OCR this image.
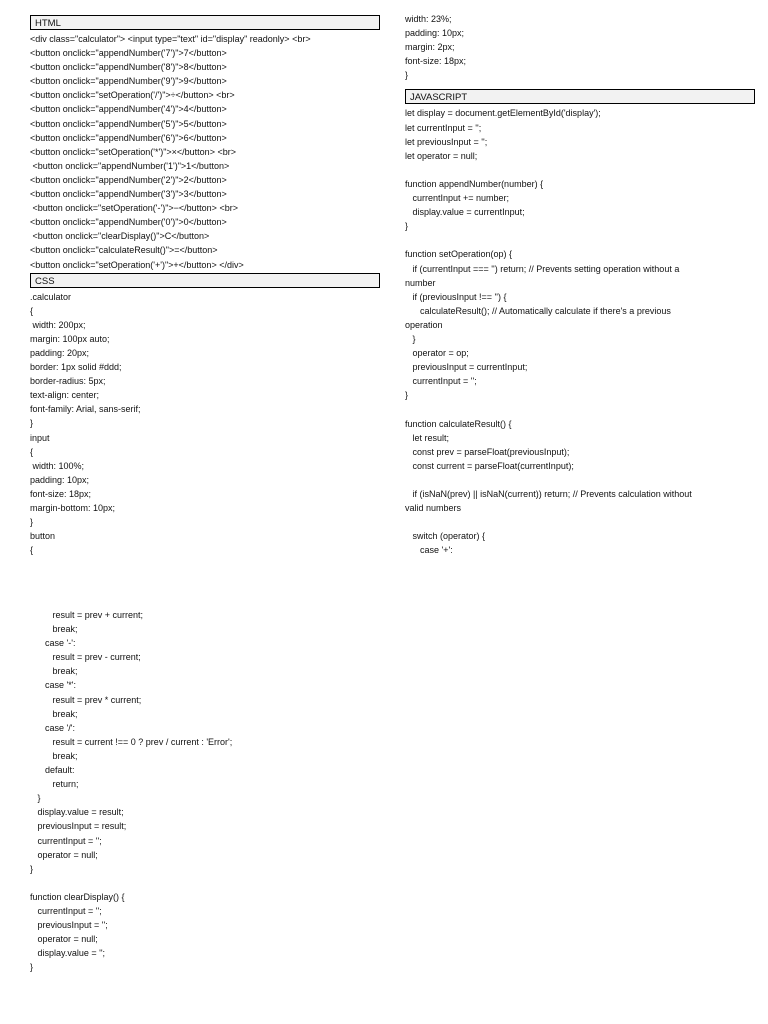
HTML
<div class="calculator"> <input type="text" id="display" readonly> <br>
<button onclick="appendNumber('7')">7</button>
<button onclick="appendNumber('8')">8</button>
<button onclick="appendNumber('9')">9</button>
<button onclick="setOperation('/')">÷</button> <br>
<button onclick="appendNumber('4')">4</button>
<button onclick="appendNumber('5')">5</button>
<button onclick="appendNumber('6')">6</button>
<button onclick="setOperation('*')">×</button> <br>
<button onclick="appendNumber('1')">1</button>
<button onclick="appendNumber('2')">2</button>
<button onclick="appendNumber('3')">3</button>
<button onclick="setOperation('-')">−</button> <br>
<button onclick="appendNumber('0')">0</button>
<button onclick="clearDisplay()">C</button>
<button onclick="calculateResult()">=</button>
<button onclick="setOperation('+')">+</button> </div>
CSS
.calculator
{
width: 200px;
margin: 100px auto;
padding: 20px;
border: 1px solid #ddd;
border-radius: 5px;
text-align: center;
font-family: Arial, sans-serif;
}
input
{
width: 100%;
padding: 10px;
font-size: 18px;
margin-bottom: 10px;
}
button
{
width: 23%;
padding: 10px;
margin: 2px;
font-size: 18px;
}
JAVASCRIPT
let display = document.getElementById('display');
let currentInput = '';
let previousInput = '';
let operator = null;
function appendNumber(number) {
currentInput += number;
display.value = currentInput;
}
function setOperation(op) {
if (currentInput === '') return; // Prevents setting operation without a
number
if (previousInput !== '') {
calculateResult(); // Automatically calculate if there's a previous
operation
}
operator = op;
previousInput = currentInput;
currentInput = '';
}
function calculateResult() {
let result;
const prev = parseFloat(previousInput);
const current = parseFloat(currentInput);
if (isNaN(prev) || isNaN(current)) return; // Prevents calculation without
valid numbers
switch (operator) {
case '+':
result = prev + current;
break;
case '-':
result = prev - current;
break;
case '*':
result = prev * current;
break;
case '/':
result = current !== 0 ? prev / current : 'Error';
break;
default:
return;
}
display.value = result;
previousInput = result;
currentInput = '';
operator = null;
}
function clearDisplay() {
currentInput = '';
previousInput = '';
operator = null;
display.value = '';
}
